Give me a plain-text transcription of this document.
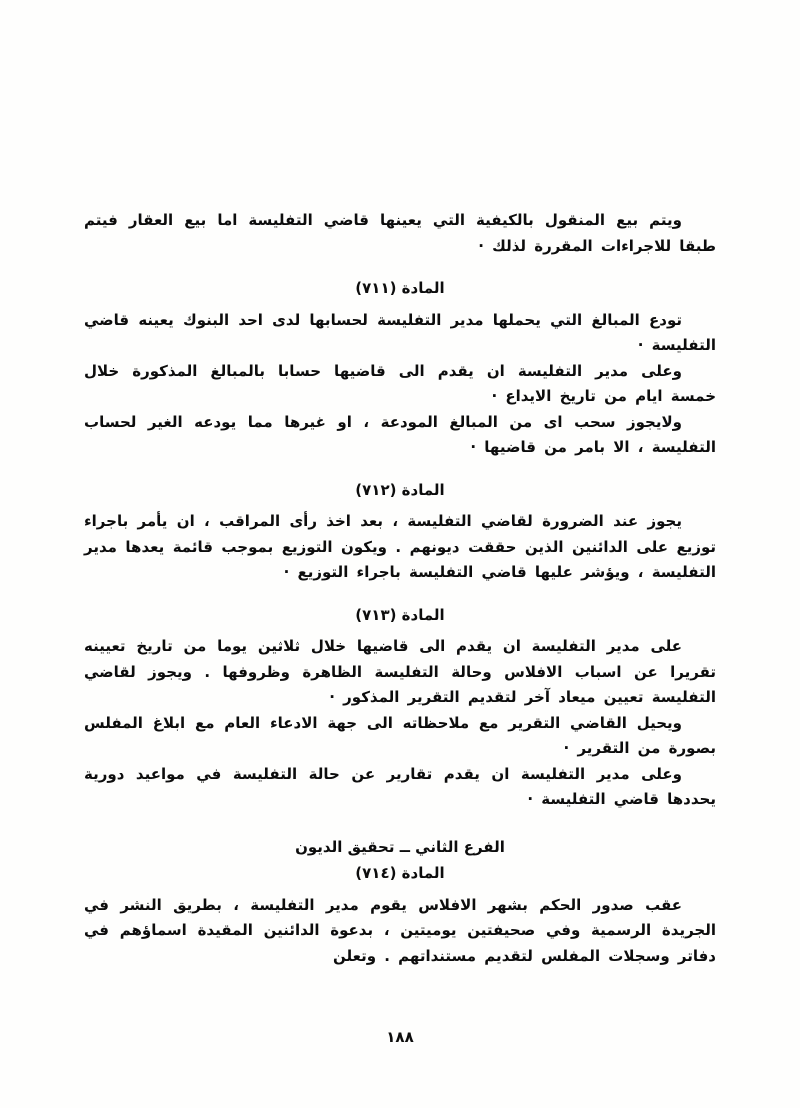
ويتم بيع المنقول بالكيفية التي يعينها قاضي التفليسة اما بيع العقار فيتم طبقا للاجراءات المقررة لذلك ·
المادة (٧١١)
تودع المبالغ التي يحملها مدير التفليسة لحسابها لدى احد البنوك يعينه قاضي التفليسة ·
وعلى مدير التفليسة ان يقدم الى قاضيها حسابا بالمبالغ المذكورة خلال خمسة ايام من تاريخ الايداع ·
ولايجوز سحب اى من المبالغ المودعة ، او غيرها مما يودعه الغير لحساب التفليسة ، الا بامر من قاضيها ·
المادة (٧١٢)
يجوز عند الضرورة لقاضي التفليسة ، بعد اخذ رأى المراقب ، ان يأمر باجراء توزيع على الدائنين الذين حققت ديونهم . ويكون التوزيع بموجب قائمة يعدها مدير التفليسة ، ويؤشر عليها قاضي التفليسة باجراء التوزيع ·
المادة (٧١٣)
على مدير التفليسة ان يقدم الى قاضيها خلال ثلاثين يوما من تاريخ تعيينه تقريرا عن اسباب الافلاس وحالة التفليسة الظاهرة وظروفها . ويجوز لقاضي التفليسة تعيين ميعاد آخر لتقديم التقرير المذكور ·
ويحيل القاضي التقرير مع ملاحظاته الى جهة الادعاء العام مع ابلاغ المفلس بصورة من التقرير ·
وعلى مدير التفليسة ان يقدم تقارير عن حالة التفليسة في مواعيد دورية يحددها قاضي التفليسة ·
الفرع الثاني ــ تحقيق الديون
المادة (٧١٤)
عقب صدور الحكم بشهر الافلاس يقوم مدير التفليسة ، بطريق النشر في الجريدة الرسمية وفي صحيفتين يوميتين ، بدعوة الدائنين المقيدة اسماؤهم في دفاتر وسجلات المفلس لتقديم مستنداتهم . وتعلن
١٨٨
